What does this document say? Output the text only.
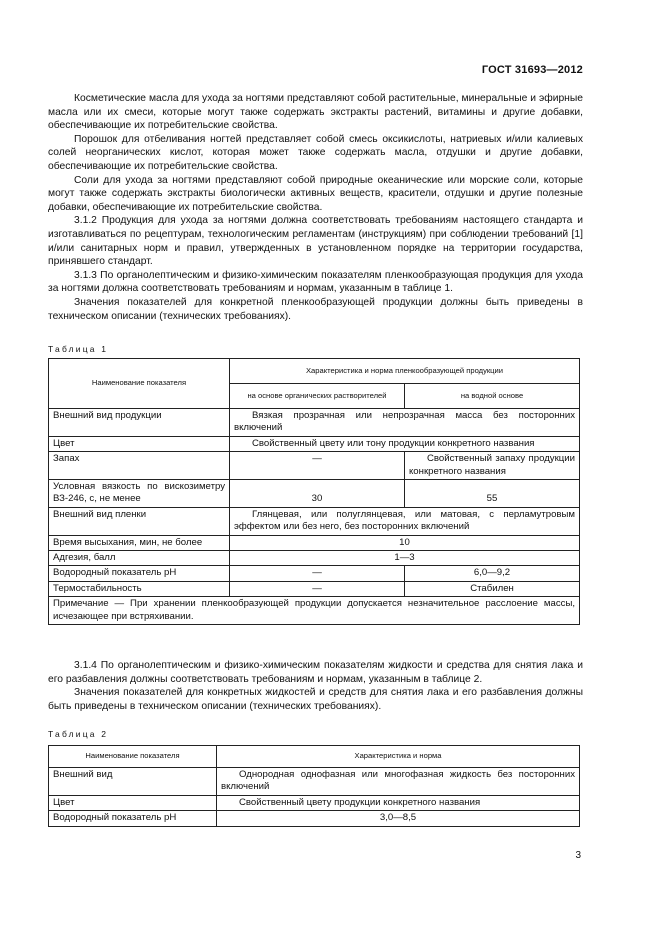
ГОСТ 31693—2012

Косметические масла для ухода за ногтями представляют собой растительные, минеральные и эфирные масла или их смеси, которые могут также содержать экстракты растений, витамины и другие добавки, обеспечивающие их потребительские свойства.

Порошок для отбеливания ногтей представляет собой смесь оксикислоты, натриевых и/или калиевых солей неорганических кислот, которая может также содержать масла, отдушки и другие добавки, обеспечивающие их потребительские свойства.

Соли для ухода за ногтями представляют собой природные океанические или морские соли, которые могут также содержать экстракты биологически активных веществ, красители, отдушки и другие полезные добавки, обеспечивающие их потребительские свойства.

3.1.2 Продукция для ухода за ногтями должна соответствовать требованиям настоящего стандарта и изготавливаться по рецептурам, технологическим регламентам (инструкциям) при соблюдении требований [1] и/или санитарных норм и правил, утвержденных в установленном порядке на территории государства, принявшего стандарт.

3.1.3 По органолептическим и физико-химическим показателям пленкообразующая продукция для ухода за ногтями должна соответствовать требованиям и нормам, указанным в таблице 1.

Значения показателей для конкретной пленкообразующей продукции должны быть приведены в техническом описании (технических требованиях).

Таблица 1
Наименование показателя	Характеристика и норма пленкообразующей продукции	
	на основе органических растворителей	на водной основе
Внешний вид продукции	Вязкая прозрачная или непрозрачная масса без посторонних включений	
Цвет	Свойственный цвету или тону продукции конкретного названия	
Запах	—	Свойственный запаху продукции конкретного названия
Условная вязкость по вискозиметру ВЗ-246, с, не менее	30	55
Внешний вид пленки	Глянцевая, или полуглянцевая, или матовая, с перламутровым эффектом или без него, без посторонних включений	
Время высыхания, мин, не более	10	
Адгезия, балл	1—3	
Водородный показатель рН	—	6,0—9,2
Термостабильность	—	Стабилен
Примечание — При хранении пленкообразующей продукции допускается незначительное расслоение массы, исчезающее при встряхивании.		

3.1.4 По органолептическим и физико-химическим показателям жидкости и средства для снятия лака и его разбавления должны соответствовать требованиям и нормам, указанным в таблице 2.

Значения показателей для конкретных жидкостей и средств для снятия лака и его разбавления должны быть приведены в техническом описании (технических требованиях).

Таблица 2
Наименование показателя	Характеристика и норма
Внешний вид	Однородная однофазная или многофазная жидкость без посторонних включений
Цвет	Свойственный цвету продукции конкретного названия
Водородный показатель рН	3,0—8,5
3
